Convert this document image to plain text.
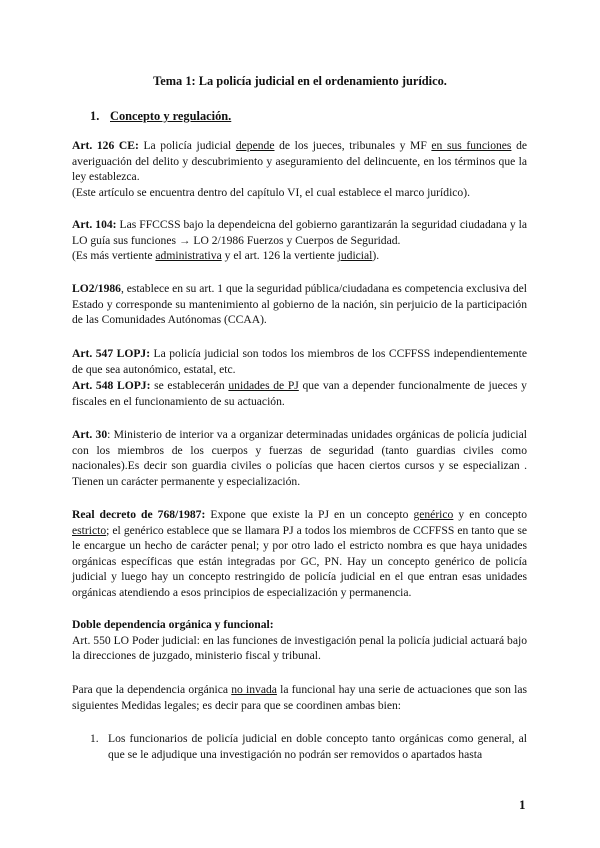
Tema 1: La policía judicial en el ordenamiento jurídico.
1. Concepto y regulación.

Art. 126 CE: La policía judicial depende de los jueces, tribunales y MF en sus funciones de averiguación del delito y descubrimiento y aseguramiento del delincuente, en los términos que la ley establezca.
(Este artículo se encuentra dentro del capítulo VI, el cual establece el marco jurídico).

Art. 104: Las FFCCSS bajo la dependeicna del gobierno garantizarán la seguridad ciudadana y la LO guía sus funciones → LO 2/1986 Fuerzos y Cuerpos de Seguridad.
(Es más vertiente administrativa y el art. 126 la vertiente judicial).

LO2/1986, establece en su art. 1 que la seguridad pública/ciudadana es competencia exclusiva del Estado y corresponde su mantenimiento al gobierno de la nación, sin perjuicio de la participación de las Comunidades Autónomas (CCAA).

Art. 547 LOPJ: La policía judicial son todos los miembros de los CCFFSS independientemente de que sea autonómico, estatal, etc.

Art. 548 LOPJ: se establecerán unidades de PJ que van a depender funcionalmente de jueces y fiscales en el funcionamiento de su actuación.

Art. 30: Ministerio de interior va a organizar determinadas unidades orgánicas de policía judicial con los miembros de los cuerpos y fuerzas de seguridad (tanto guardias civiles como nacionales).Es decir son guardia civiles o policías que hacen ciertos cursos y se especializan . Tienen un carácter permanente y especialización.

Real decreto de 768/1987: Expone que existe la PJ en un concepto genérico y en concepto estricto; el genérico establece que se llamara PJ a todos los miembros de CCFFSS en tanto que se le encargue un hecho de carácter penal; y por otro lado el estricto nombra es que haya unidades orgánicas específicas que están integradas por GC, PN. Hay un concepto genérico de policía judicial y luego hay un concepto restringido de policía judicial en el que entran esas unidades orgánicas atendiendo a esos principios de especialización y permanencia.

Doble dependencia orgánica y funcional:
Art. 550 LO Poder judicial: en las funciones de investigación penal la policía judicial actuará bajo la direcciones de juzgado, ministerio fiscal y tribunal.

Para que la dependencia orgánica no invada la funcional hay una serie de actuaciones que son las siguientes Medidas legales; es decir para que se coordinen ambas bien:

1. Los funcionarios de policía judicial en doble concepto tanto orgánicas como general, al que se le adjudique una investigación no podrán ser removidos o apartados hasta
1
